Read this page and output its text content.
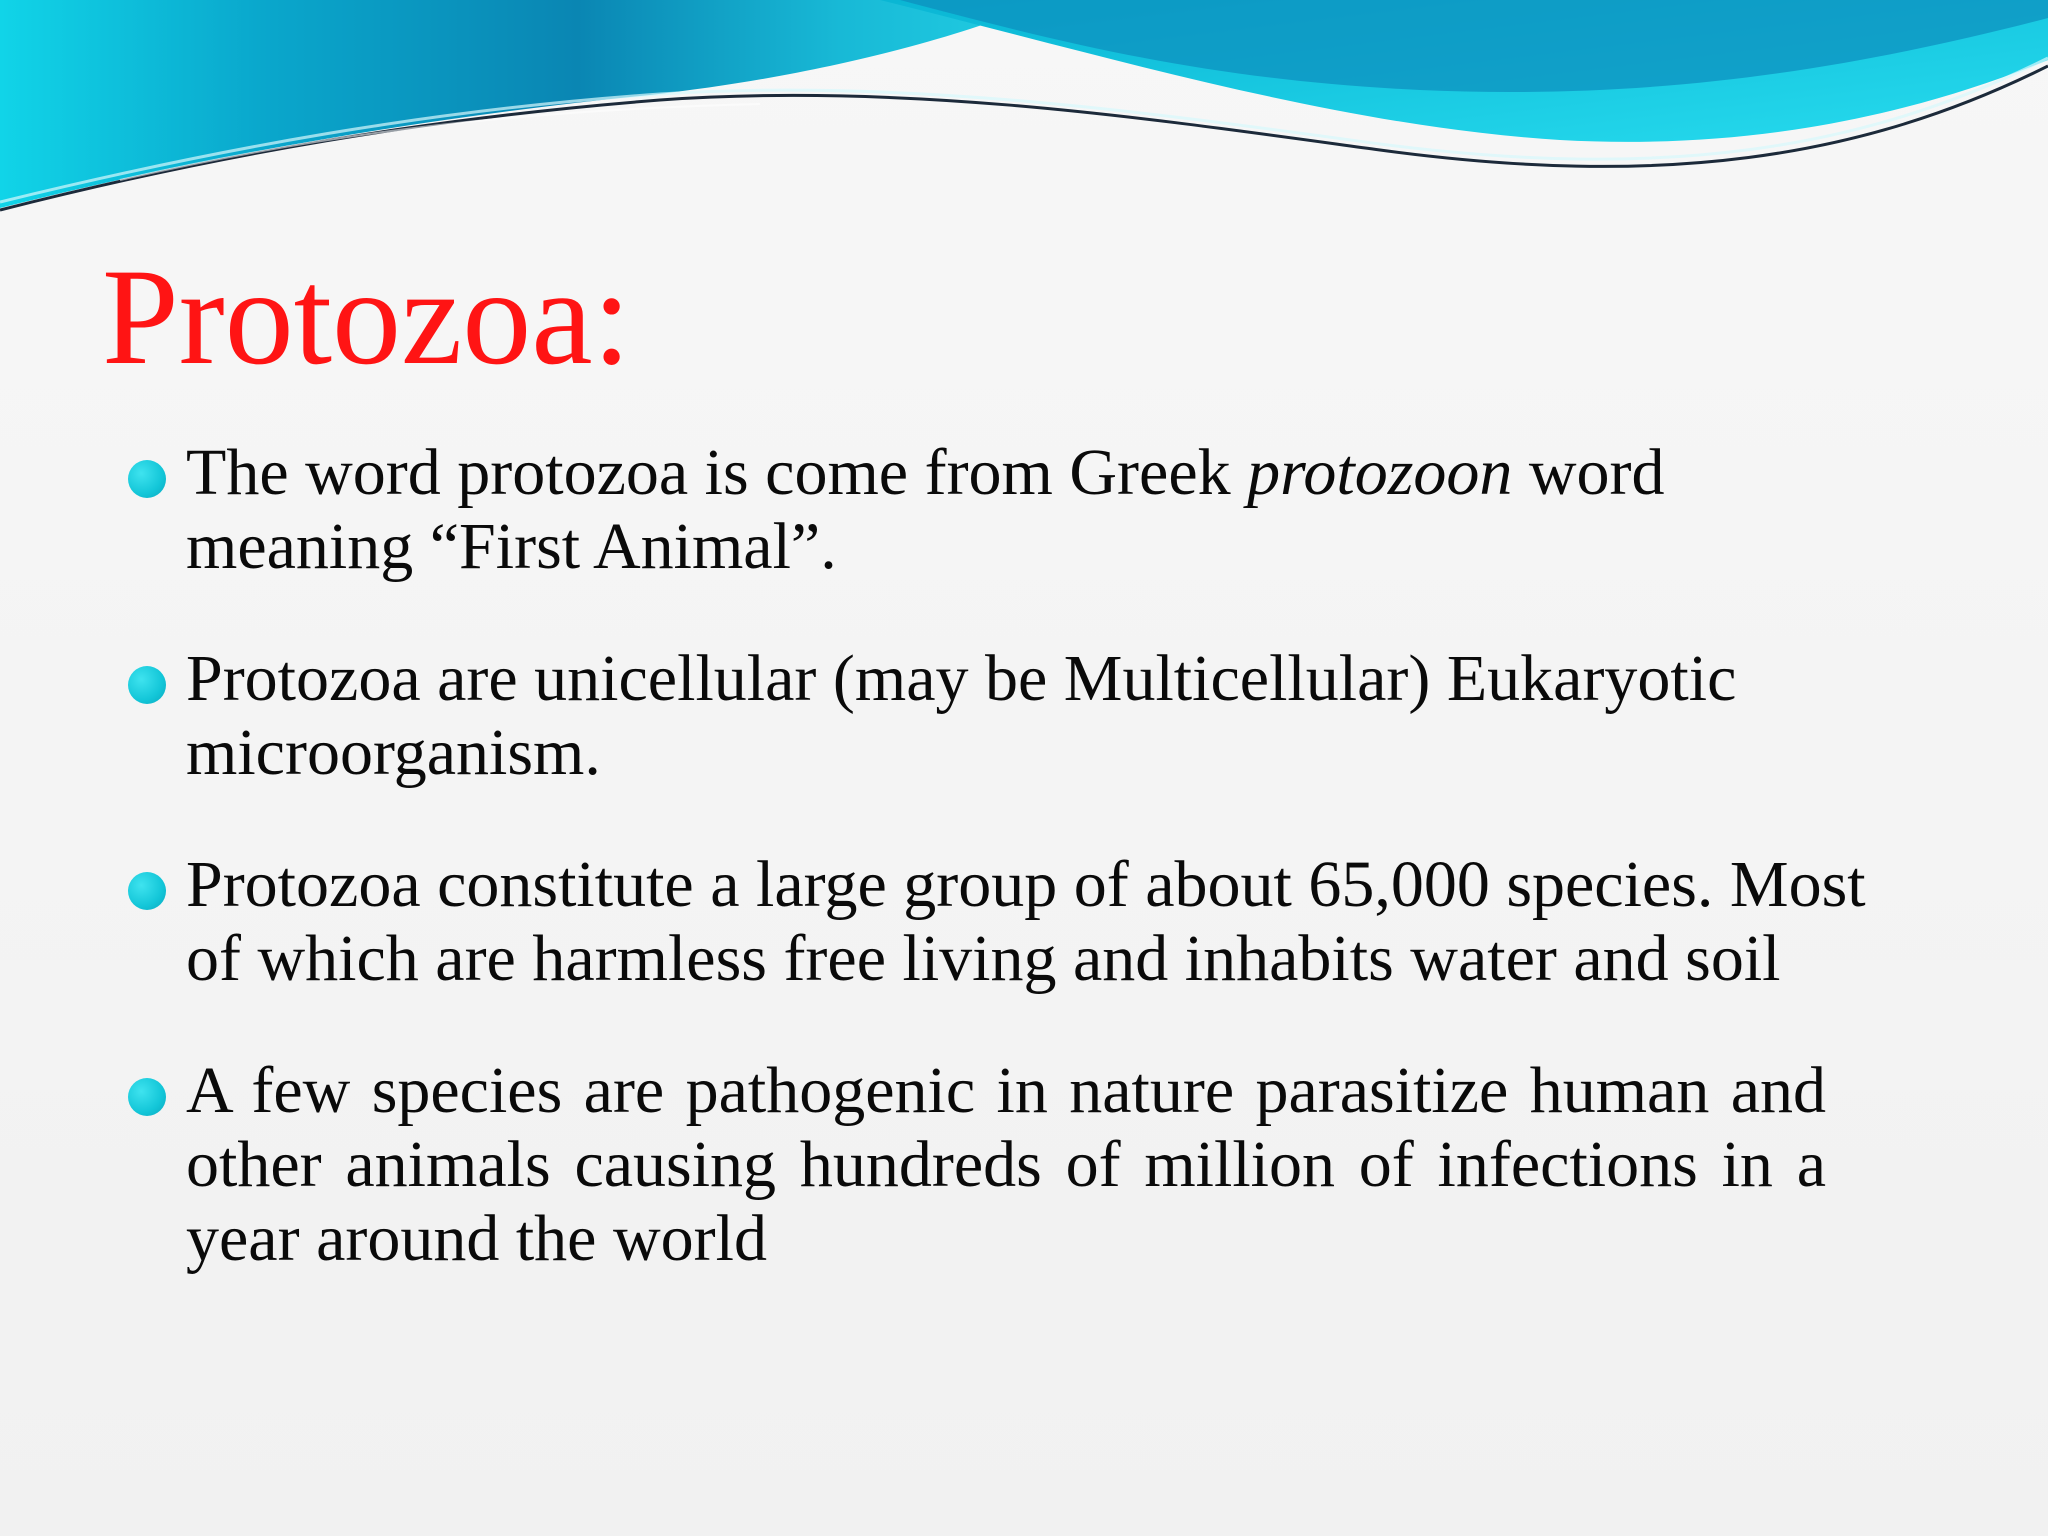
Protozoa:
The word protozoa is come from Greek protozoon word meaning “First Animal”.
Protozoa are unicellular (may be Multicellular) Eukaryotic microorganism.
Protozoa constitute a large group of about 65,000 species. Most of which are harmless free living and inhabits water and soil
A few species are pathogenic in nature parasitize human and other animals causing hundreds of million of infections in a year around the world
